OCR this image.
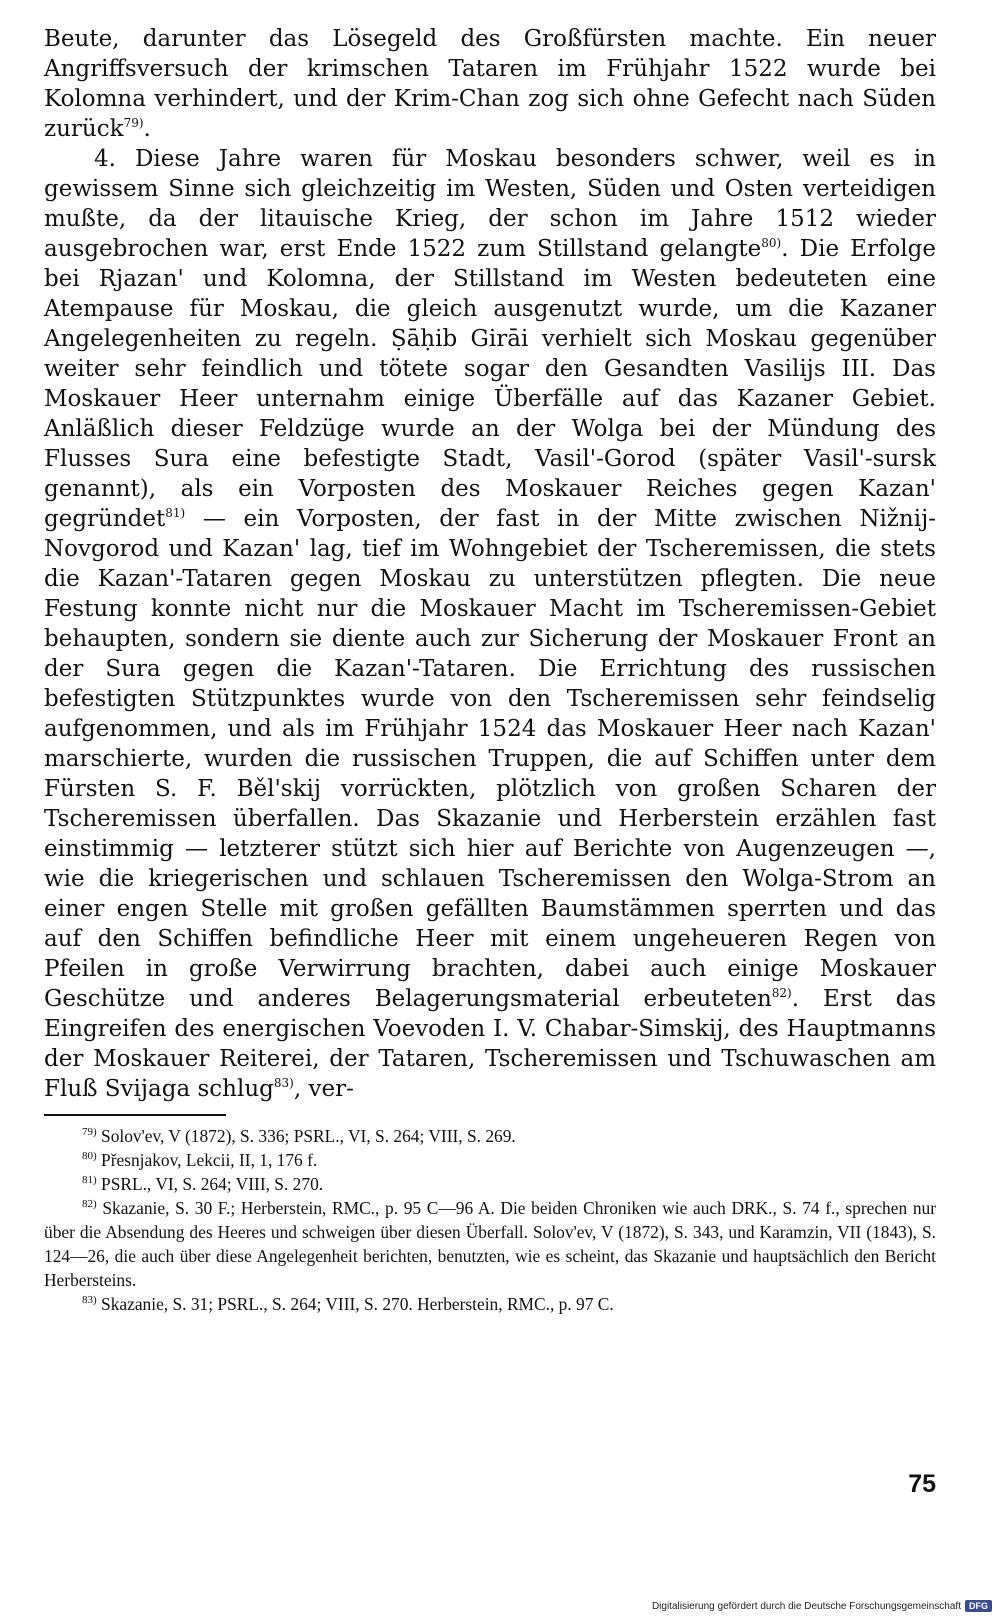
Beute, darunter das Lösegeld des Großfürsten machte. Ein neuer Angriffsversuch der krimschen Tataren im Frühjahr 1522 wurde bei Kolomna verhindert, und der Krim-Chan zog sich ohne Gefecht nach Süden zurück$^{79)}$.

4. Diese Jahre waren für Moskau besonders schwer, weil es in gewissem Sinne sich gleichzeitig im Westen, Süden und Osten verteidigen mußte, da der litauische Krieg, der schon im Jahre 1512 wieder ausgebrochen war, erst Ende 1522 zum Stillstand gelangte$^{80)}$. Die Erfolge bei Rjazan' und Kolomna, der Stillstand im Westen bedeuteten eine Atempause für Moskau, die gleich ausgenutzt wurde, um die Kazaner Angelegenheiten zu regeln. Ṣāḥib Girāi verhielt sich Moskau gegenüber weiter sehr feindlich und tötete sogar den Gesandten Vasilijs III. Das Moskauer Heer unternahm einige Überfälle auf das Kazaner Gebiet. Anläßlich dieser Feldzüge wurde an der Wolga bei der Mündung des Flusses Sura eine befestigte Stadt, Vasil'-Gorod (später Vasil'-sursk genannt), als ein Vorposten des Moskauer Reiches gegen Kazan' gegründet$^{81)}$ — ein Vorposten, der fast in der Mitte zwischen Nižnij-Novgorod und Kazan' lag, tief im Wohngebiet der Tscheremissen, die stets die Kazan'-Tataren gegen Moskau zu unterstützen pflegten. Die neue Festung konnte nicht nur die Moskauer Macht im Tscheremissen-Gebiet behaupten, sondern sie diente auch zur Sicherung der Moskauer Front an der Sura gegen die Kazan'-Tataren. Die Errichtung des russischen befestigten Stützpunktes wurde von den Tscheremissen sehr feindselig aufgenommen, und als im Frühjahr 1524 das Moskauer Heer nach Kazan' marschierte, wurden die russischen Truppen, die auf Schiffen unter dem Fürsten S. F. Běl'skij vorrückten, plötzlich von großen Scharen der Tscheremissen überfallen. Das Skazanie und Herberstein erzählen fast einstimmig — letzterer stützt sich hier auf Berichte von Augenzeugen —, wie die kriegerischen und schlauen Tscheremissen den Wolga-Strom an einer engen Stelle mit großen gefällten Baumstämmen sperrten und das auf den Schiffen befindliche Heer mit einem ungeheueren Regen von Pfeilen in große Verwirrung brachten, dabei auch einige Moskauer Geschütze und anderes Belagerungsmaterial erbeuteten$^{82)}$. Erst das Eingreifen des energischen Voevoden I. V. Chabar-Simskij, des Hauptmanns der Moskauer Reiterei, der Tataren, Tscheremissen und Tschuwaschen am Fluß Svijaga schlug$^{83)}$, ver-

$^{79)}$ Solov'ev, V (1872), S. 336; PSRL., VI, S. 264; VIII, S. 269.

$^{80)}$ Přesnjakov, Lekcii, II, 1, 176 f.

$^{81)}$ PSRL., VI, S. 264; VIII, S. 270.

$^{82)}$ Skazanie, S. 30 F.; Herberstein, RMC., p. 95 C—96 A. Die beiden Chroniken wie auch DRK., S. 74 f., sprechen nur über die Absendung des Heeres und schweigen über diesen Überfall. Solov'ev, V (1872), S. 343, und Karamzin, VII (1843), S. 124—26, die auch über diese Angelegenheit berichten, benutzten, wie es scheint, das Skazanie und hauptsächlich den Bericht Herbersteins.

$^{83)}$ Skazanie, S. 31; PSRL., S. 264; VIII, S. 270. Herberstein, RMC., p. 97 C.

75
Digitalisierung gefördert durch die Deutsche Forschungsgemeinschaft DFG
